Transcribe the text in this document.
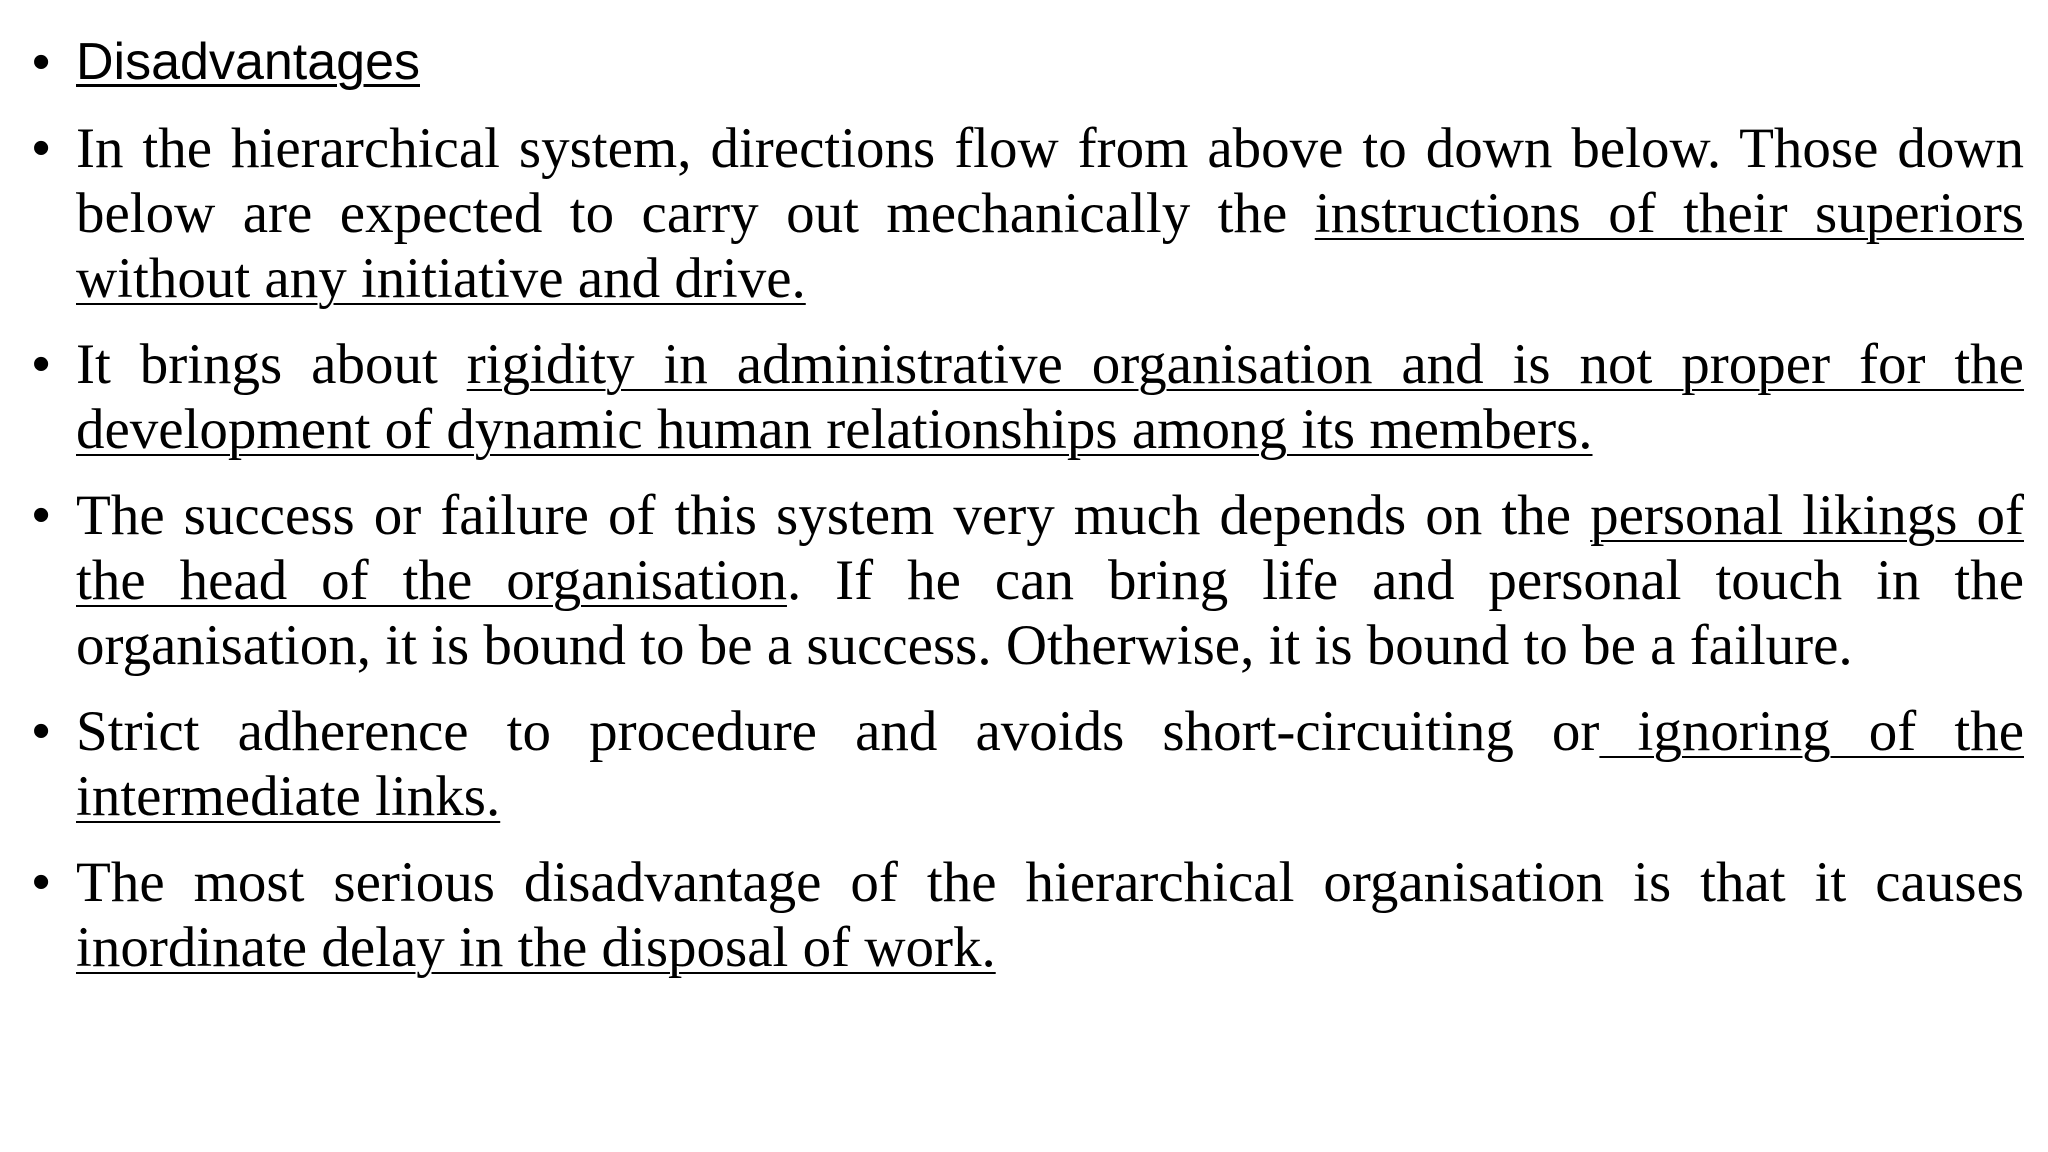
• Disadvantages
• In the hierarchical system, directions flow from above to down below. Those down below are expected to carry out mechanically the instructions of their superiors without any initiative and drive.
• It brings about rigidity in administrative organisation and is not proper for the development of dynamic human relationships among its members.
• The success or failure of this system very much depends on the personal likings of the head of the organisation. If he can bring life and personal touch in the organisation, it is bound to be a success. Otherwise, it is bound to be a failure.
• Strict adherence to procedure and avoids short-circuiting or ignoring of the intermediate links.
• The most serious disadvantage of the hierarchical organisation is that it causes inordinate delay in the disposal of work.
